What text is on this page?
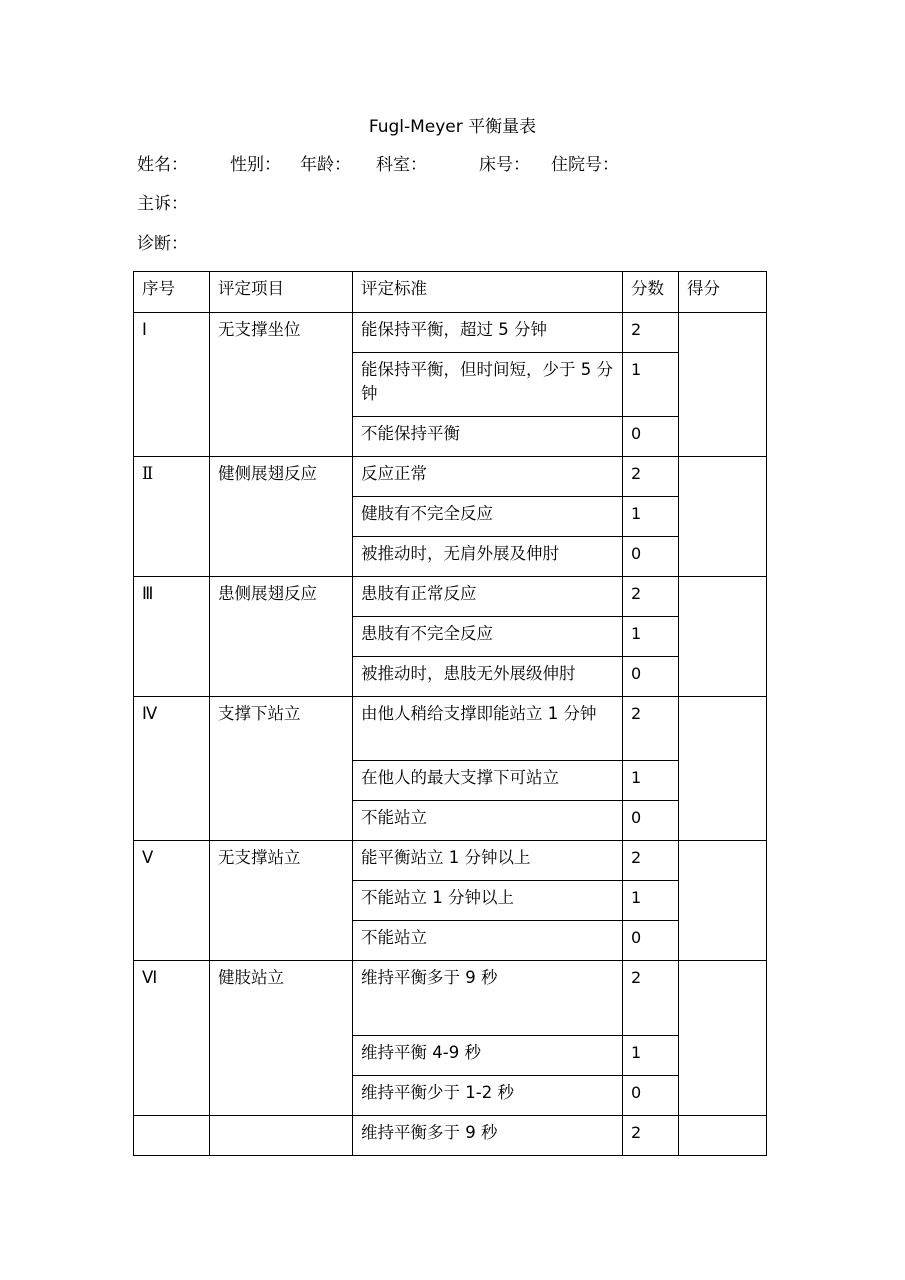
Fugl-Meyer 平衡量表
姓名： 性别： 年龄： 科室：	床号： 住院号：
主诉：
诊断：
序号	评定项目	评定标准	分数	得分
Ⅰ	无支撑坐位	能保持平衡，超过 5 分钟	2	
		能保持平衡，但时间短，少于 5 分钟	1	
		不能保持平衡	0	
Ⅱ	健侧展翅反应	反应正常	2	
		健肢有不完全反应	1	
		被推动时，无肩外展及伸肘	0	
Ⅲ	患侧展翅反应	患肢有正常反应	2	
		患肢有不完全反应	1	
		被推动时，患肢无外展级伸肘	0	
Ⅳ	支撑下站立	由他人稍给支撑即能站立 1 分钟	2	
		在他人的最大支撑下可站立	1	
		不能站立	0	
Ⅴ	无支撑站立	能平衡站立 1 分钟以上	2	
		不能站立 1 分钟以上	1	
		不能站立	0	
Ⅵ	健肢站立	维持平衡多于 9 秒	2	
		维持平衡 4-9 秒	1	
		维持平衡少于 1-2 秒	0	
		维持平衡多于 9 秒	2	
